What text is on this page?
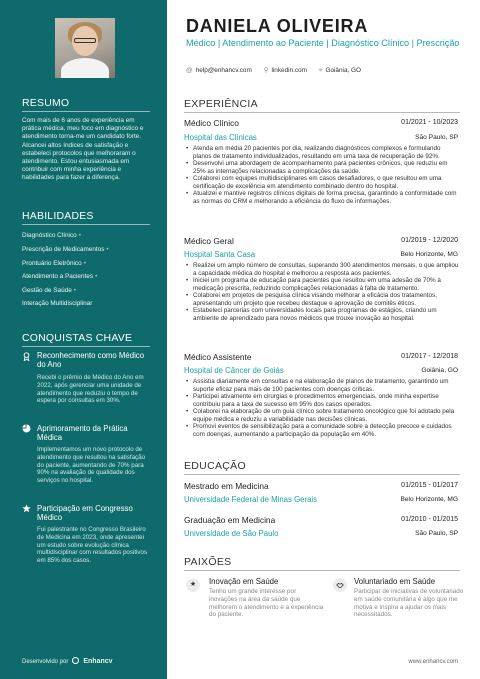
RESUMO
Com mais de 6 anos de experiência em prática médica, meu foco em diagnóstico e atendimento torna-me um candidato forte. Alcancei altos índices de satisfação e estabeleci protocolos que melhoraram o atendimento. Estou entusiasmada em contribuir com minha experiência e habilidades para fazer a diferença.
HABILIDADES
Diagnóstico Clínico •
Prescrição de Medicamentos •
Prontuário Eletrônico •
Atendimento a Pacientes •
Gestão de Saúde •
Interação Multidisciplinar
CONQUISTAS CHAVE
Reconhecimento como Médico do Ano
Recebi o prêmio de Médico do Ano em 2022, após gerenciar uma unidade de atendimento que reduziu o tempo de espera por consultas em 30%.
Aprimoramento da Prática Médica
Implementamos um novo protocolo de atendimento que resultou na satisfação do paciente, aumentando de 70% para 90% na avaliação de qualidade dos serviços no hospital.
Participação em Congresso Médico
Fui palestrante no Congresso Brasileiro de Medicina em 2023, onde apresentei um estudo sobre evolução clínica multidisciplinar com resultados positivos em 85% dos casos.
Desenvolvido por Enhancv
DANIELA OLIVEIRA
Médico | Atendimento ao Paciente | Diagnóstico Clínico | Prescrição
@ help@enhancv.com ⚲ linkedin.com ⌖ Goiânia, GO
EXPERIÊNCIA
Médico Clínico	01/2021 - 10/2023
Hospital das Clínicas	São Paulo, SP
• Atenda em média 20 pacientes por dia, realizando diagnósticos complexos e formulando planos de tratamento individualizados, resultando em uma taxa de recuperação de 92%.
• Desenvolvi uma abordagem de acompanhamento para pacientes crônicos, que reduziu em 25% as internações relacionadas a complicações da saúde.
• Colaborei com equipes multidisciplinares em casos desafiadores, o que resultou em uma certificação de excelência em atendimento combinado dentro do hospital.
• Atualizei e mantive registros clínicos digitais de forma precisa, garantindo a conformidade com as normas do CRM e melhorando a eficiência do fluxo de informações.
Médico Geral	01/2019 - 12/2020
Hospital Santa Casa	Belo Horizonte, MG
• Realizei um amplo número de consultas, superando 300 atendimentos mensais, o que ampliou a capacidade médica do hospital e melhorou a resposta aos pacientes.
• Iniciei um programa de educação para pacientes que resultou em uma adesão de 70% à medicação prescrita, reduzindo complicações relacionadas à falta de tratamento.
• Colaborei em projetos de pesquisa clínica visando melhorar a eficácia dos tratamentos, apresentando um projeto que recebeu destaque e aprovação de comitês éticos.
• Estabeleci parcerias com universidades locais para programas de estágios, criando um ambiente de aprendizado para novos médicos que trouxe inovação ao hospital.
Médico Assistente	01/2017 - 12/2018
Hospital de Câncer de Goiás	Goiânia, GO
• Assistia diariamente em consultas e na elaboração de planos de tratamento, garantindo um suporte eficaz para mais de 100 pacientes com doenças críticas.
• Participei ativamente em cirurgias e procedimentos emergenciais, onde minha expertise contribuiu para a taxa de sucesso em 95% dos casos operados.
• Colaborei na elaboração de um guia clínico sobre tratamento oncológico que foi adotado pela equipe médica e reduziu a variabilidade nas decisões clínicas.
• Promovi eventos de sensibilização para a comunidade sobre a detecção precoce e cuidados com doenças, aumentando a participação da população em 40%.
EDUCAÇÃO
Mestrado em Medicina	01/2015 - 01/2017
Universidade Federal de Minas Gerais	Belo Horizonte, MG
Graduação em Medicina	01/2010 - 01/2015
Universidade de São Paulo	São Paulo, SP
PAIXÕES
★	Inovação em Saúde
Tenho um grande interesse por inovações na área da saúde que melhorem o atendimento e a experiência do paciente.
Voluntariado em Saúde
Participar de iniciativas de voluntariado em saúde comunitária é algo que me motiva e inspira a ajudar os mais necessitados.
www.enhancv.com
